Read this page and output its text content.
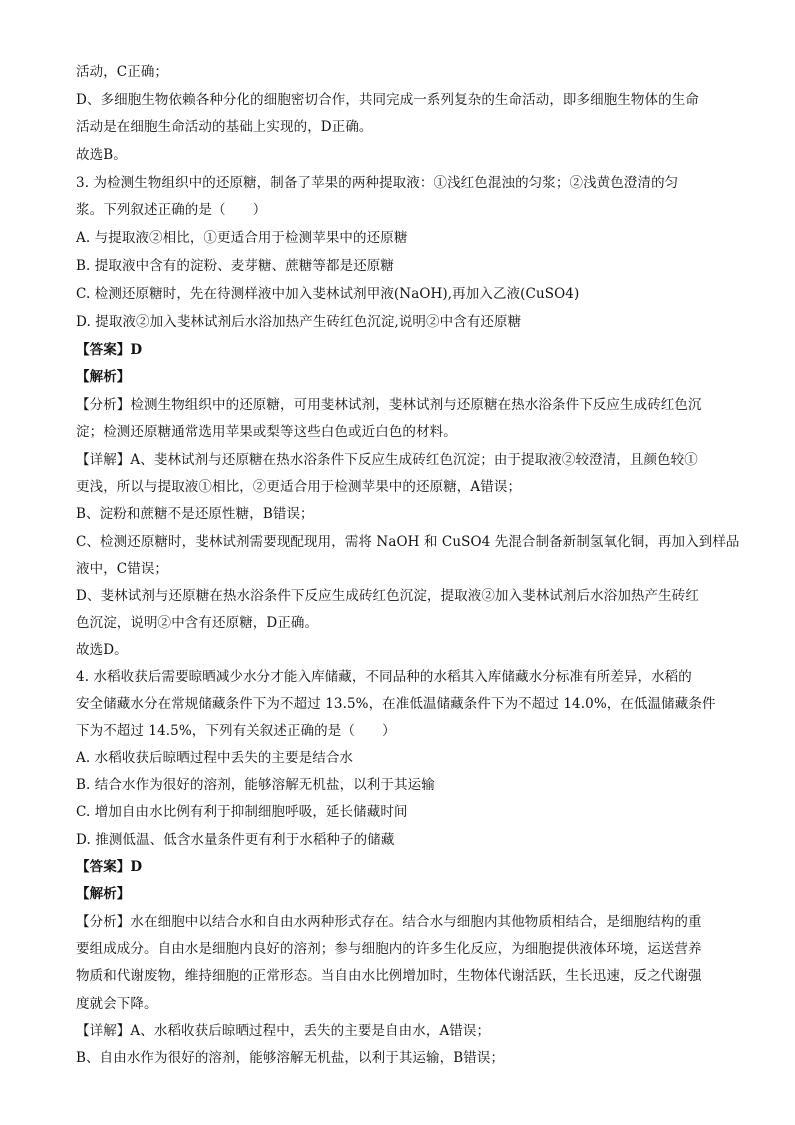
活动，C正确；
D、多细胞生物依赖各种分化的细胞密切合作，共同完成一系列复杂的生命活动，即多细胞生物体的生命
活动是在细胞生命活动的基础上实现的，D正确。
故选B。
3. 为检测生物组织中的还原糖，制备了苹果的两种提取液：①浅红色混浊的匀浆；②浅黄色澄清的匀
浆。下列叙述正确的是（　　）
A. 与提取液②相比，①更适合用于检测苹果中的还原糖
B. 提取液中含有的淀粉、麦芽糖、蔗糖等都是还原糖
C. 检测还原糖时，先在待测样液中加入斐林试剂甲液(NaOH),再加入乙液(CuSO4)
D. 提取液②加入斐林试剂后水浴加热产生砖红色沉淀,说明②中含有还原糖
【答案】D
【解析】
【分析】检测生物组织中的还原糖，可用斐林试剂，斐林试剂与还原糖在热水浴条件下反应生成砖红色沉
淀；检测还原糖通常选用苹果或梨等这些白色或近白色的材料。
【详解】A、斐林试剂与还原糖在热水浴条件下反应生成砖红色沉淀；由于提取液②较澄清，且颜色较①
更浅，所以与提取液①相比，②更适合用于检测苹果中的还原糖，A错误；
B、淀粉和蔗糖不是还原性糖，B错误；
C、检测还原糖时，斐林试剂需要现配现用，需将 NaOH 和 CuSO4 先混合制备新制氢氧化铜，再加入到样品
液中，C错误；
D、斐林试剂与还原糖在热水浴条件下反应生成砖红色沉淀，提取液②加入斐林试剂后水浴加热产生砖红
色沉淀，说明②中含有还原糖，D正确。
故选D。
4. 水稻收获后需要晾晒减少水分才能入库储藏，不同品种的水稻其入库储藏水分标准有所差异，水稻的
安全储藏水分在常规储藏条件下为不超过 13.5%，在准低温储藏条件下为不超过 14.0%，在低温储藏条件
下为不超过 14.5%，下列有关叙述正确的是（　　）
A. 水稻收获后晾晒过程中丢失的主要是结合水
B. 结合水作为很好的溶剂，能够溶解无机盐，以利于其运输
C. 增加自由水比例有利于抑制细胞呼吸，延长储藏时间
D. 推测低温、低含水量条件更有利于水稻种子的储藏
【答案】D
【解析】
【分析】水在细胞中以结合水和自由水两种形式存在。结合水与细胞内其他物质相结合，是细胞结构的重
要组成成分。自由水是细胞内良好的溶剂；参与细胞内的许多生化反应，为细胞提供液体环境，运送营养
物质和代谢废物，维持细胞的正常形态。当自由水比例增加时，生物体代谢活跃，生长迅速，反之代谢强
度就会下降。
【详解】A、水稻收获后晾晒过程中，丢失的主要是自由水，A错误；
B、自由水作为很好的溶剂，能够溶解无机盐，以利于其运输，B错误；
